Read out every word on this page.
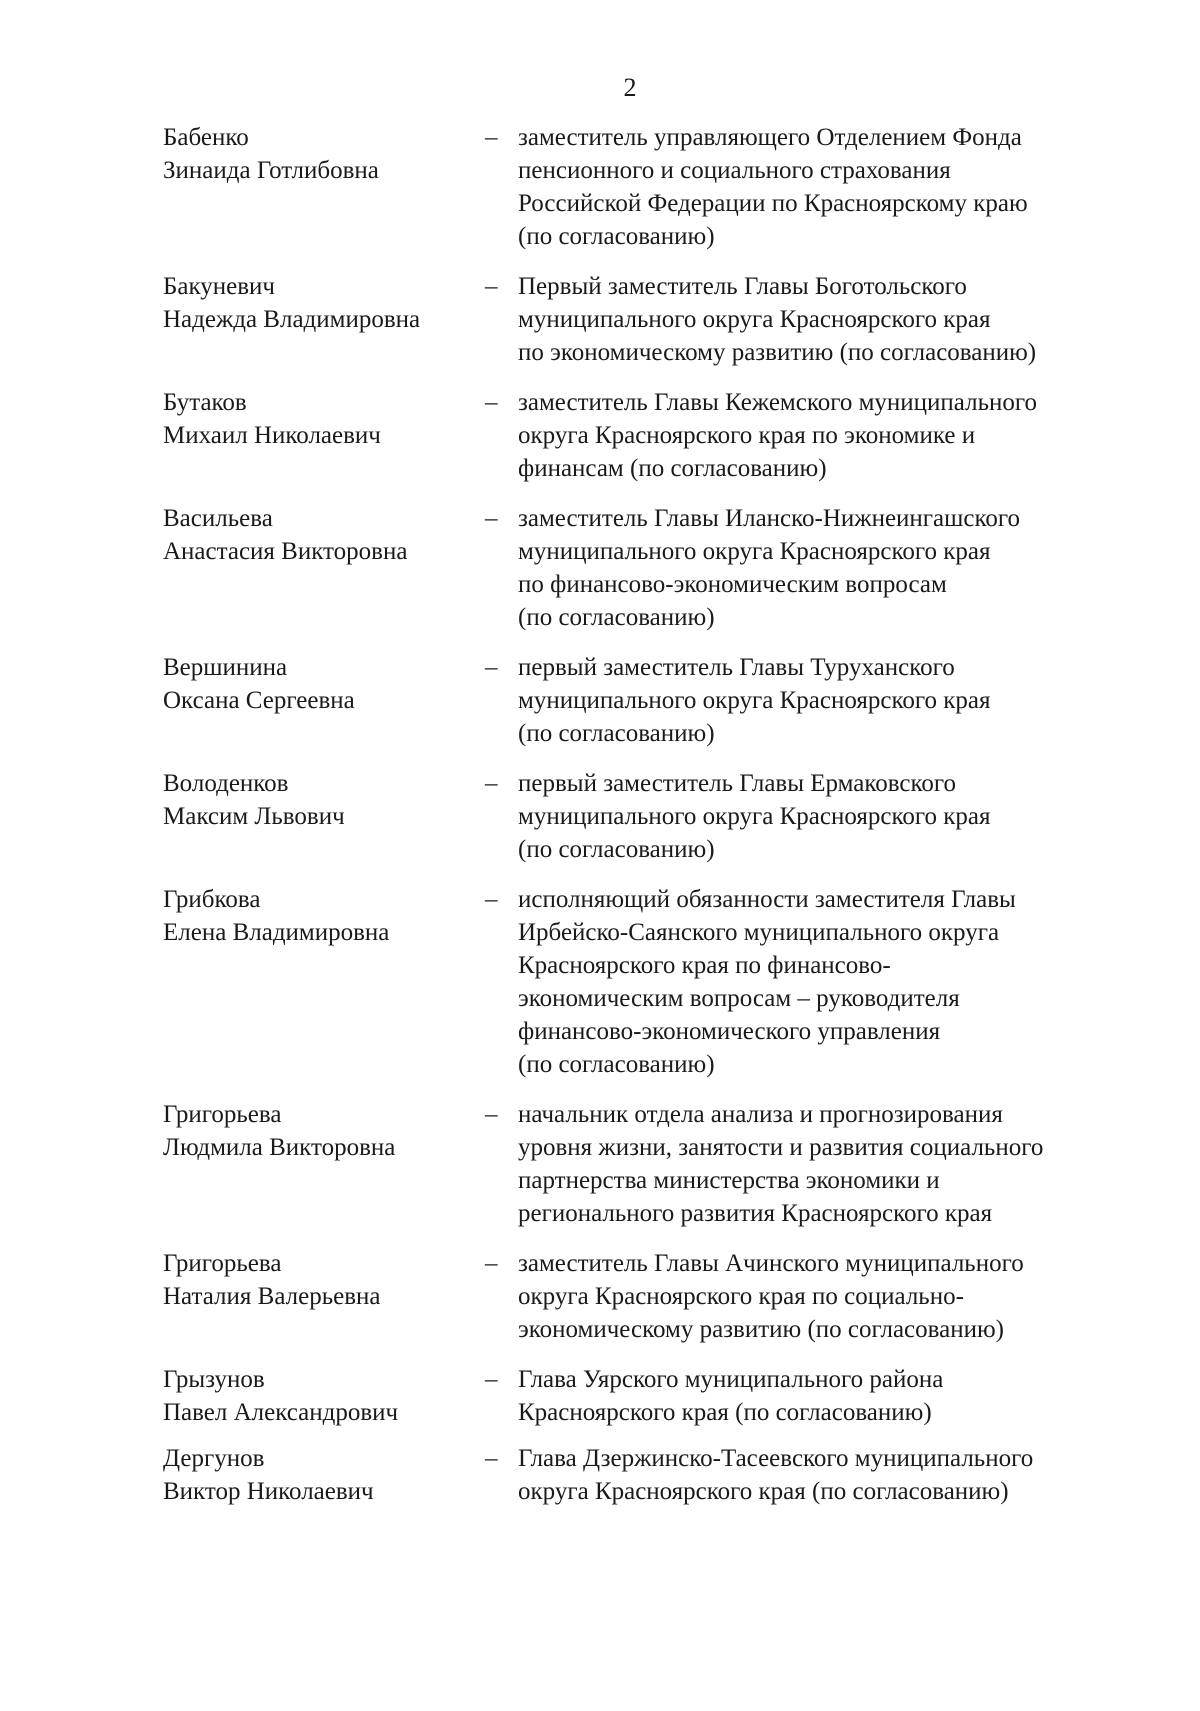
2
Бабенко
Зинаида Готлибовна
– заместитель управляющего Отделением Фонда
пенсионного и социального страхования
Российской Федерации по Красноярскому краю
(по согласованию)
Бакуневич
Надежда Владимировна
– Первый заместитель Главы Боготольского
муниципального округа Красноярского края
по экономическому развитию (по согласованию)
Бутаков
Михаил Николаевич
– заместитель Главы Кежемского муниципального
округа Красноярского края по экономике и
финансам (по согласованию)
Васильева
Анастасия Викторовна
– заместитель Главы Иланско-Нижнеингашского
муниципального округа Красноярского края
по финансово-экономическим вопросам
(по согласованию)
Вершинина
Оксана Сергеевна
– первый заместитель Главы Туруханского
муниципального округа Красноярского края
(по согласованию)
Володенков
Максим Львович
– первый заместитель Главы Ермаковского
муниципального округа Красноярского края
(по согласованию)
Грибкова
Елена Владимировна
– исполняющий обязанности заместителя Главы
Ирбейско-Саянского муниципального округа
Красноярского края по финансово-
экономическим вопросам – руководителя
финансово-экономического управления
(по согласованию)
Григорьева
Людмила Викторовна
– начальник отдела анализа и прогнозирования
уровня жизни, занятости и развития социального
партнерства министерства экономики и
регионального развития Красноярского края
Григорьева
Наталия Валерьевна
– заместитель Главы Ачинского муниципального
округа Красноярского края по социально-
экономическому развитию (по согласованию)
Грызунов
Павел Александрович
– Глава Уярского муниципального района
Красноярского края (по согласованию)
Дергунов
Виктор Николаевич
– Глава Дзержинско-Тасеевского муниципального
округа Красноярского края (по согласованию)
